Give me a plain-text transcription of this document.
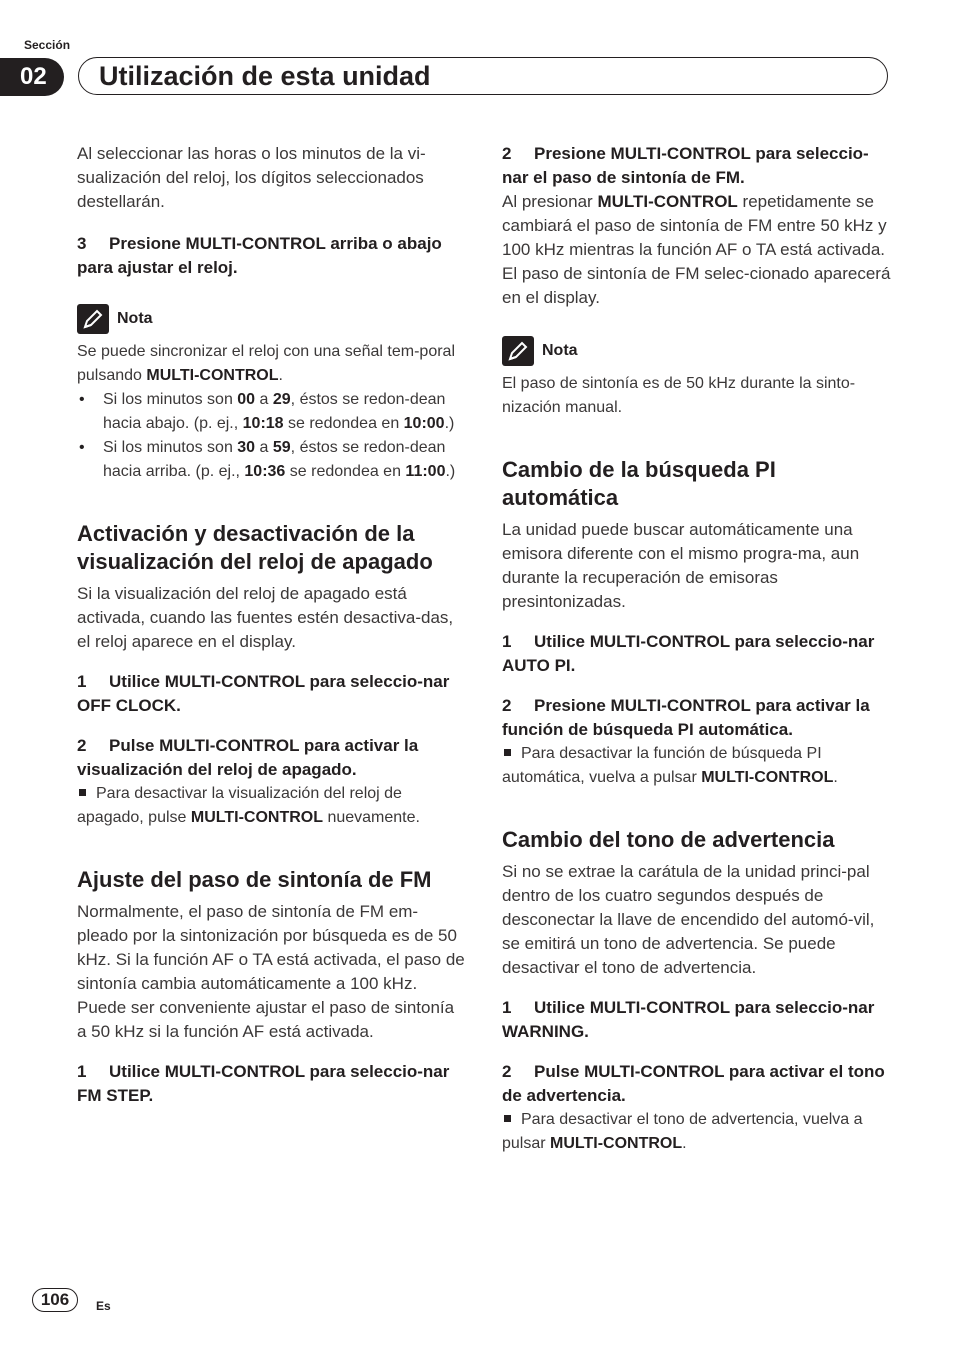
Sección
02	Utilización de esta unidad

Al seleccionar las horas o los minutos de la vi-sualización del reloj, los dígitos seleccionados destellarán.

3 Presione MULTI-CONTROL arriba o abajo para ajustar el reloj.

Nota

Se puede sincronizar el reloj con una señal tem-poral pulsando MULTI-CONTROL.

• Si los minutos son 00 a 29, éstos se redon-dean hacia abajo. (p. ej., 10:18 se redondea en 10:00.)
• Si los minutos son 30 a 59, éstos se redon-dean hacia arriba. (p. ej., 10:36 se redondea en 11:00.)

Activación y desactivación de la visualización del reloj de apagado

Si la visualización del reloj de apagado está activada, cuando las fuentes estén desactiva-das, el reloj aparece en el display.

1 Utilice MULTI-CONTROL para seleccio-nar OFF CLOCK.

2 Pulse MULTI-CONTROL para activar la visualización del reloj de apagado.

Para desactivar la visualización del reloj de apagado, pulse MULTI-CONTROL nuevamente.

Ajuste del paso de sintonía de FM

Normalmente, el paso de sintonía de FM em-pleado por la sintonización por búsqueda es de 50 kHz. Si la función AF o TA está activada, el paso de sintonía cambia automáticamente a 100 kHz. Puede ser conveniente ajustar el paso de sintonía a 50 kHz si la función AF está activada.

1 Utilice MULTI-CONTROL para seleccio-nar FM STEP.

2 Presione MULTI-CONTROL para seleccio-nar el paso de sintonía de FM.

Al presionar MULTI-CONTROL repetidamente se cambiará el paso de sintonía de FM entre 50 kHz y 100 kHz mientras la función AF o TA está activada. El paso de sintonía de FM selec-cionado aparecerá en el display.

Nota

El paso de sintonía es de 50 kHz durante la sinto-nización manual.

Cambio de la búsqueda PI automática

La unidad puede buscar automáticamente una emisora diferente con el mismo progra-ma, aun durante la recuperación de emisoras presintonizadas.

1 Utilice MULTI-CONTROL para seleccio-nar AUTO PI.

2 Presione MULTI-CONTROL para activar la función de búsqueda PI automática.

Para desactivar la función de búsqueda PI automática, vuelva a pulsar MULTI-CONTROL.

Cambio del tono de advertencia

Si no se extrae la carátula de la unidad princi-pal dentro de los cuatro segundos después de desconectar la llave de encendido del automó-vil, se emitirá un tono de advertencia. Se puede desactivar el tono de advertencia.

1 Utilice MULTI-CONTROL para seleccio-nar WARNING.

2 Pulse MULTI-CONTROL para activar el tono de advertencia.

Para desactivar el tono de advertencia, vuelva a pulsar MULTI-CONTROL.

106	Es
